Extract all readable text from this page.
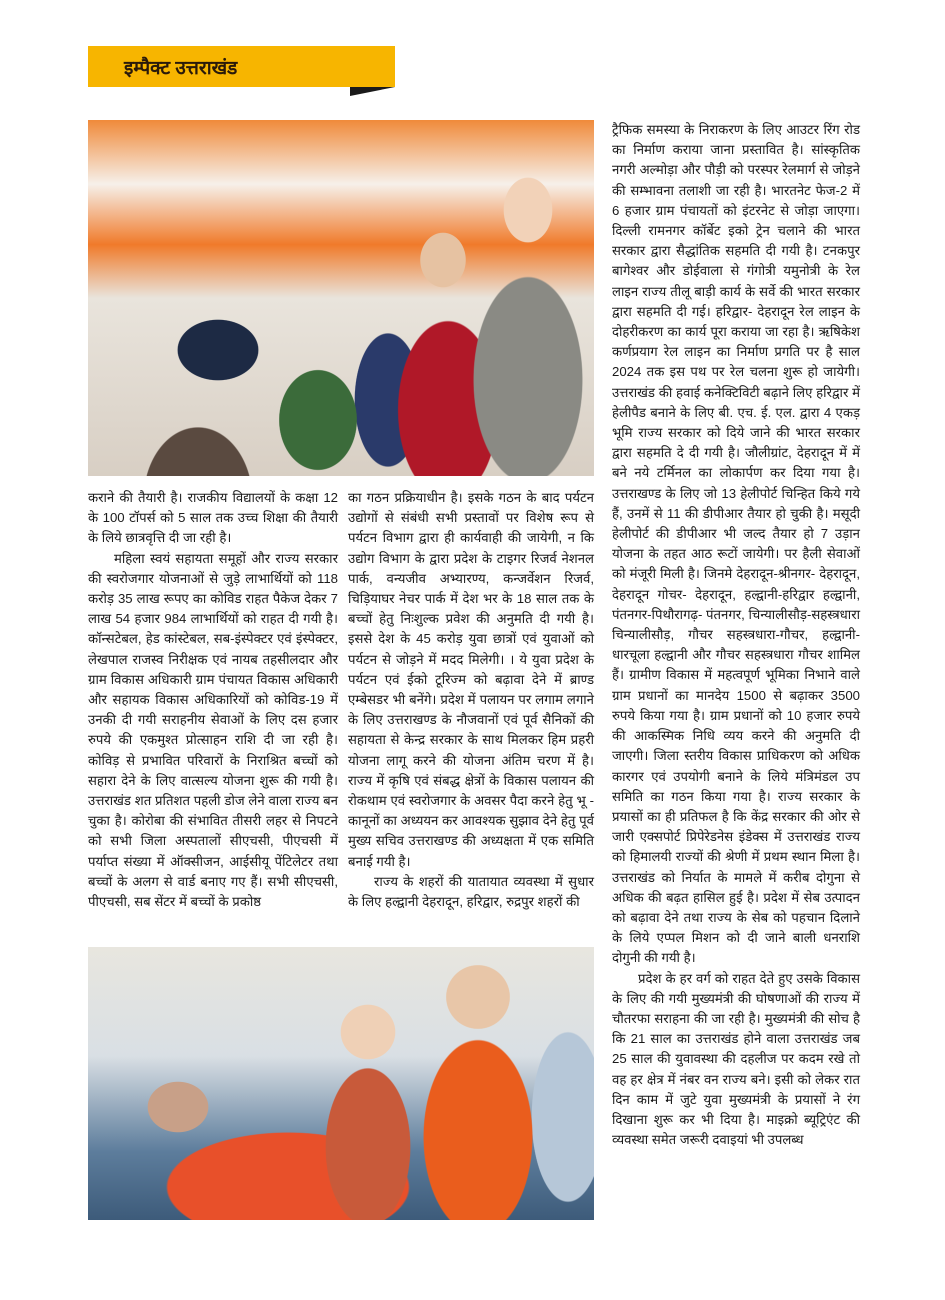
इम्पैक्ट उत्तराखंड

कराने की तैयारी है। राजकीय विद्यालयों के कक्षा 12 के 100 टॉपर्स को 5 साल तक उच्च शिक्षा की तैयारी के लिये छात्रवृत्ति दी जा रही है।

महिला स्वयं सहायता समूहों और राज्य सरकार की स्वरोजगार योजनाओं से जुड़े लाभार्थियों को 118 करोड़ 35 लाख रूपए का कोविड राहत पैकेज देकर 7 लाख 54 हजार 984 लाभार्थियों को राहत दी गयी है। कॉन्सटेबल, हेड कांस्टेबल, सब-इंस्पेक्टर एवं इंस्पेक्टर, लेखपाल राजस्व निरीक्षक एवं नायब तहसीलदार और ग्राम विकास अधिकारी ग्राम पंचायत विकास अधिकारी और सहायक विकास अधिकारियों को कोविड-19 में उनकी दी गयी सराहनीय सेवाओं के लिए दस हजार रुपये की एकमुश्त प्रोत्साहन राशि दी जा रही है। कोविड़ से प्रभावित परिवारों के निराश्रित बच्चों को सहारा देने के लिए वात्सल्य योजना शुरू की गयी है। उत्तराखंड शत प्रतिशत पहली डोज लेने वाला राज्य बन चुका है। कोरोबा की संभावित तीसरी लहर से निपटने को सभी जिला अस्पतालों सीएचसी, पीएचसी में पर्याप्त संख्या में ऑक्सीजन, आईसीयू पेंटिलेटर तथा बच्चों के अलग से वार्ड बनाए गए हैं। सभी सीएचसी, पीएचसी, सब सेंटर में बच्चों के प्रकोष्ठ

का गठन प्रक्रियाधीन है। इसके गठन के बाद पर्यटन उद्योगों से संबंधी सभी प्रस्तावों पर विशेष रूप से पर्यटन विभाग द्वारा ही कार्यवाही की जायेगी, न कि उद्योग विभाग के द्वारा प्रदेश के टाइगर रिजर्व नेशनल पार्क, वन्यजीव अभ्यारण्य, कन्जर्वेशन रिजर्व, चिड़ियाघर नेचर पार्क में देश भर के 18 साल तक के बच्चों हेतु निःशुल्क प्रवेश की अनुमति दी गयी है। इससे देश के 45 करोड़ युवा छात्रों एवं युवाओं को पर्यटन से जोड़ने में मदद मिलेगी। । ये युवा प्रदेश के पर्यटन एवं ईको टूरिज्म को बढ़ावा देने में ब्राण्ड एम्बेसडर भी बनेंगे। प्रदेश में पलायन पर लगाम लगाने के लिए उत्तराखण्ड के नौजवानों एवं पूर्व सैनिकों की सहायता से केन्द्र सरकार के साथ मिलकर हिम प्रहरी योजना लागू करने की योजना अंतिम चरण में है। राज्य में कृषि एवं संबद्ध क्षेत्रों के विकास पलायन की रोकथाम एवं स्वरोजगार के अवसर पैदा करने हेतु भू - कानूनों का अध्ययन कर आवश्यक सुझाव देने हेतु पूर्व मुख्य सचिव उत्तराखण्ड की अध्यक्षता में एक समिति बनाई गयी है।

राज्य के शहरों की यातायात व्यवस्था में सुधार के लिए हल्द्वानी देहरादून, हरिद्वार, रुद्रपुर शहरों की

ट्रैफिक समस्या के निराकरण के लिए आउटर रिंग रोड का निर्माण कराया जाना प्रस्तावित है। सांस्कृतिक नगरी अल्मोड़ा और पौड़ी को परस्पर रेलमार्ग से जोड़ने की सम्भावना तलाशी जा रही है। भारतनेट फेज-2 में 6 हजार ग्राम पंचायतों को इंटरनेट से जोड़ा जाएगा। दिल्ली रामनगर कॉर्बेट इको ट्रेन चलाने की भारत सरकार द्वारा सैद्धांतिक सहमति दी गयी है। टनकपुर बागेश्वर और डोईवाला से गंगोत्री यमुनोत्री के रेल लाइन राज्य तीलू बाड़ी कार्य के सर्वे की भारत सरकार द्वारा सहमति दी गई। हरिद्वार- देहरादून रेल लाइन के दोहरीकरण का कार्य पूरा कराया जा रहा है। ऋषिकेश कर्णप्रयाग रेल लाइन का निर्माण प्रगति पर है साल 2024 तक इस पथ पर रेल चलना शुरू हो जायेगी। उत्तराखंड की हवाई कनेक्टिविटी बढ़ाने लिए हरिद्वार में हेलीपैड बनाने के लिए बी. एच. ई. एल. द्वारा 4 एकड़ भूमि राज्य सरकार को दिये जाने की भारत सरकार द्वारा सहमति दे दी गयी है। जौलीग्रांट, देहरादून में में बने नये टर्मिनल का लोकार्पण कर दिया गया है। उत्तराखण्ड के लिए जो 13 हेलीपोर्ट चिन्हित किये गये हैं, उनमें से 11 की डीपीआर तैयार हो चुकी है। मसूदी हेलीपोर्ट की डीपीआर भी जल्द तैयार हो 7 उड़ान योजना के तहत आठ रूटों जायेगी। पर हैली सेवाओं को मंजूरी मिली है। जिनमे देहरादून-श्रीनगर- देहरादून, देहरादून गोचर- देहरादून, हल्द्वानी-हरिद्वार हल्द्वानी, पंतनगर-पिथौरागढ़- पंतनगर, चिन्यालीसौड़-सहस्त्रधारा चिन्यालीसौड़, गौचर सहस्त्रधारा-गौचर, हल्द्वानी- धारचूला हल्द्वानी और गौचर सहस्त्रधारा गौचर शामिल हैं। ग्रामीण विकास में महत्वपूर्ण भूमिका निभाने वाले ग्राम प्रधानों का मानदेय 1500 से बढ़ाकर 3500 रुपये किया गया है। ग्राम प्रधानों को 10 हजार रुपये की आकस्मिक निधि व्यय करने की अनुमति दी जाएगी। जिला स्तरीय विकास प्राधिकरण को अधिक कारगर एवं उपयोगी बनाने के लिये मंत्रिमंडल उप समिति का गठन किया गया है। राज्य सरकार के प्रयासों का ही प्रतिफल है कि केंद्र सरकार की ओर से जारी एक्सपोर्ट प्रिपेरेडनेस इंडेक्स में उत्तराखंड राज्य को हिमालयी राज्यों की श्रेणी में प्रथम स्थान मिला है। उत्तराखंड को निर्यात के मामले में करीब दोगुना से अधिक की बढ़त हासिल हुई है। प्रदेश में सेब उत्पादन को बढ़ावा देने तथा राज्य के सेब को पहचान दिलाने के लिये एप्पल मिशन को दी जाने बाली धनराशि दोगुनी की गयी है।

प्रदेश के हर वर्ग को राहत देते हुए उसके विकास के लिए की गयी मुख्यमंत्री की घोषणाओं की राज्य में चौतरफा सराहना की जा रही है। मुख्यमंत्री की सोच है कि 21 साल का उत्तराखंड होने वाला उत्तराखंड जब 25 साल की युवावस्था की दहलीज पर कदम रखे तो वह हर क्षेत्र में नंबर वन राज्य बने। इसी को लेकर रात दिन काम में जुटे युवा मुख्यमंत्री के प्रयासों ने रंग दिखाना शुरू कर भी दिया है। माइक्रो ब्यूट्रिएंट की व्यवस्था समेत जरूरी दवाइयां भी उपलब्ध
